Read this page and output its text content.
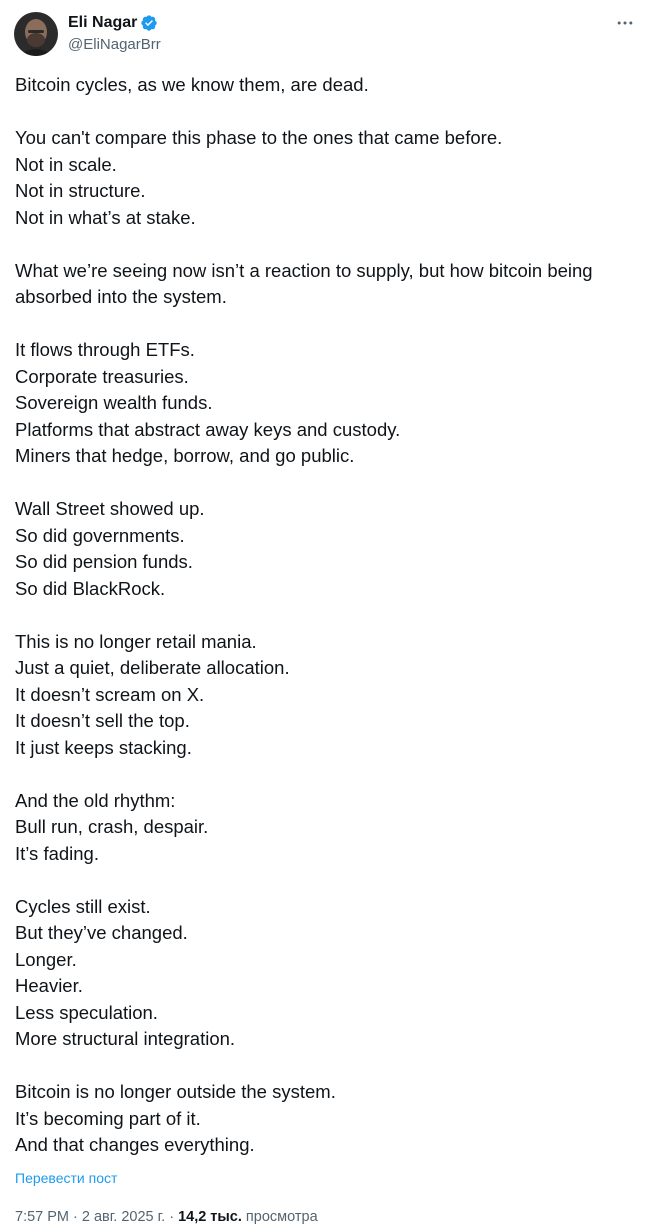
Eli Nagar
@EliNagarBrr
Bitcoin cycles, as we know them, are dead.
You can't compare this phase to the ones that came before.
Not in scale.
Not in structure.
Not in what’s at stake.
What we’re seeing now isn’t a reaction to supply, but how bitcoin being
absorbed into the system.
It flows through ETFs.
Corporate treasuries.
Sovereign wealth funds.
Platforms that abstract away keys and custody.
Miners that hedge, borrow, and go public.
Wall Street showed up.
So did governments.
So did pension funds.
So did BlackRock.
This is no longer retail mania.
Just a quiet, deliberate allocation.
It doesn’t scream on X.
It doesn’t sell the top.
It just keeps stacking.
And the old rhythm:
Bull run, crash, despair.
It’s fading.
Cycles still exist.
But they’ve changed.
Longer.
Heavier.
Less speculation.
More structural integration.
Bitcoin is no longer outside the system.
It’s becoming part of it.
And that changes everything.
Перевести пост
7:57 PM · 2 авг. 2025 г. · 14,2 тыс. просмотра
